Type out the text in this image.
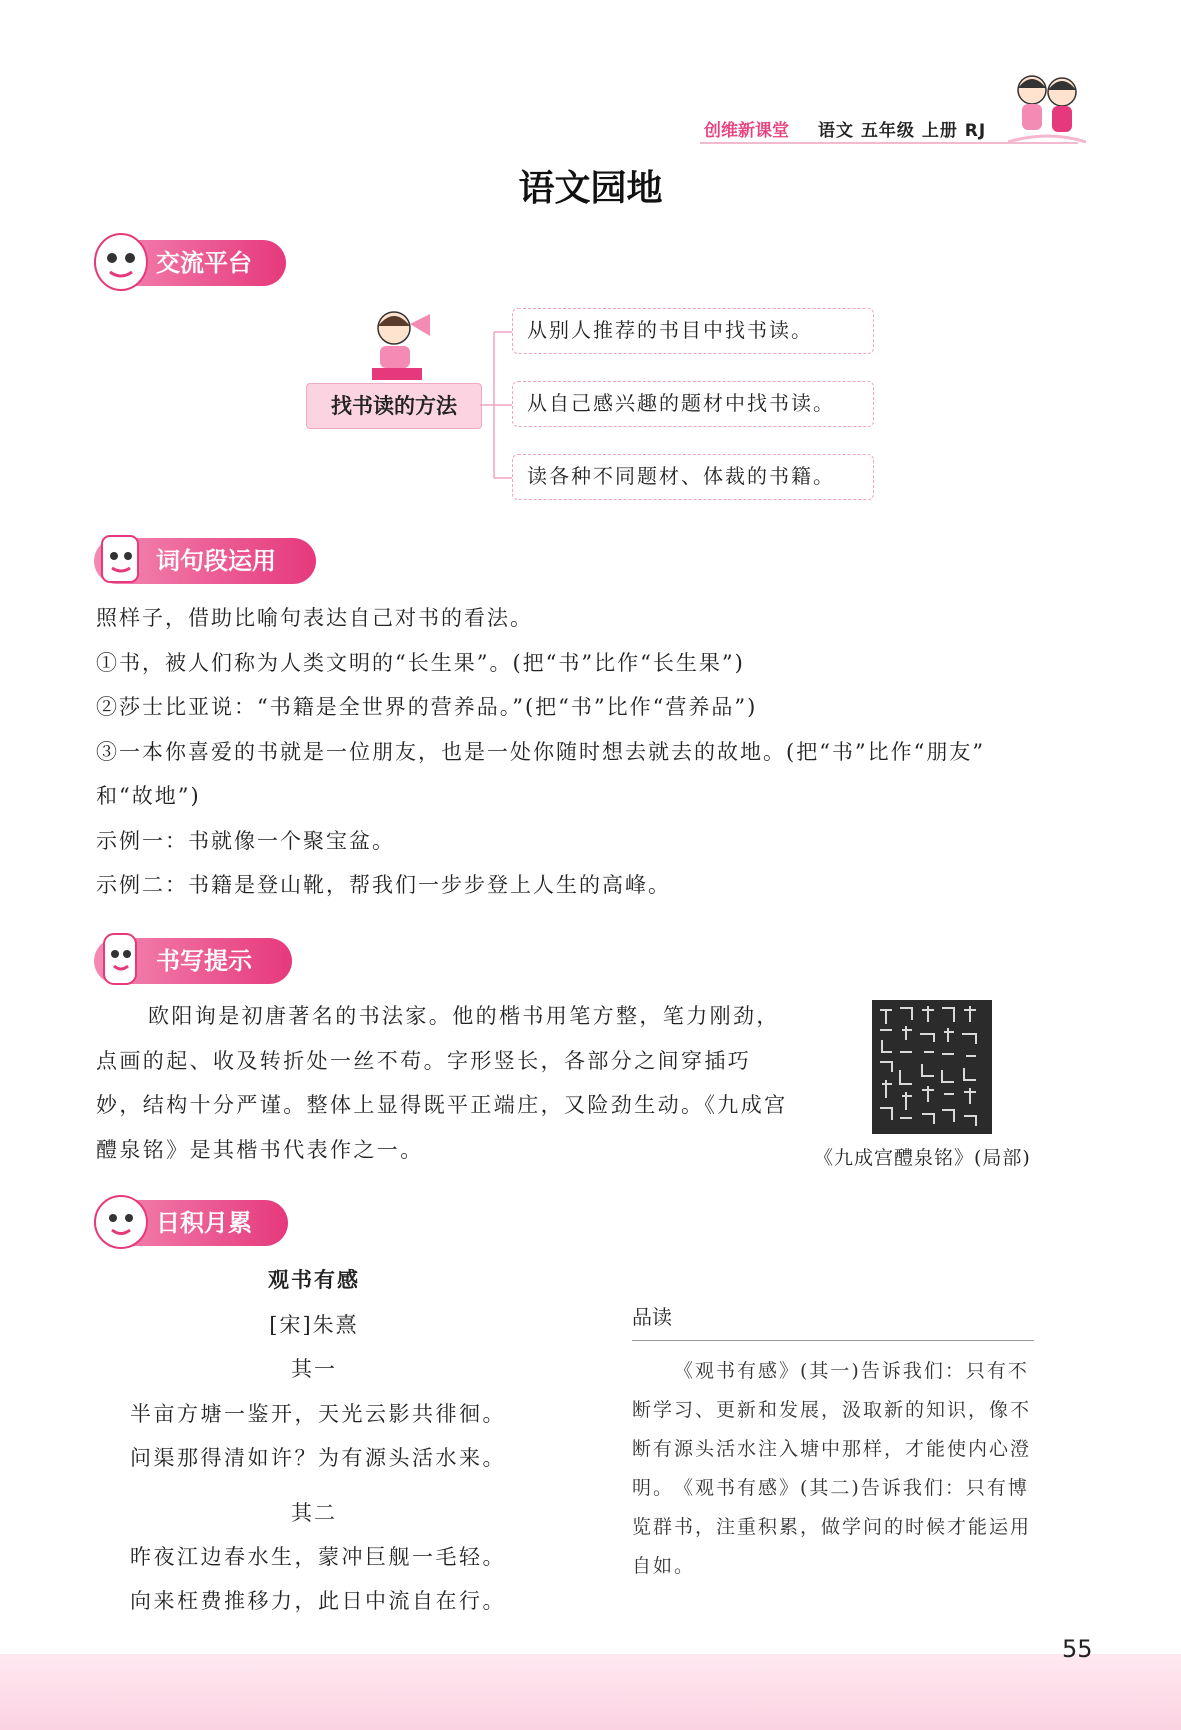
创维新课堂 语文 五年级 上册 RJ
语文园地
交流平台
找书读的方法
从别人推荐的书目中找书读。
从自己感兴趣的题材中找书读。
读各种不同题材、体裁的书籍。
词句段运用
照样子，借助比喻句表达自己对书的看法。
①书，被人们称为人类文明的“长生果”。(把“书”比作“长生果”)
②莎士比亚说：“书籍是全世界的营养品。”(把“书”比作“营养品”)
③一本你喜爱的书就是一位朋友，也是一处你随时想去就去的故地。(把“书”比作“朋友”
和“故地”)
示例一：书就像一个聚宝盆。
示例二：书籍是登山靴，帮我们一步步登上人生的高峰。
书写提示
欧阳询是初唐著名的书法家。他的楷书用笔方整，笔力刚劲，点画的起、收及转折处一丝不苟。字形竖长，各部分之间穿插巧妙，结构十分严谨。整体上显得既平正端庄，又险劲生动。《九成宫醴泉铭》是其楷书代表作之一。	《九成宫醴泉铭》(局部)
日积月累
观书有感
[宋]朱熹
其一
半亩方塘一鉴开，天光云影共徘徊。
问渠那得清如许？为有源头活水来。
其二
昨夜江边春水生，蒙冲巨舰一毛轻。
向来枉费推移力，此日中流自在行。
品读
《观书有感》(其一)告诉我们：只有不断学习、更新和发展，汲取新的知识，像不断有源头活水注入塘中那样，才能使内心澄明。 《观书有感》(其二)告诉我们：只有博览群书，注重积累，做学问的时候才能运用自如。
55
